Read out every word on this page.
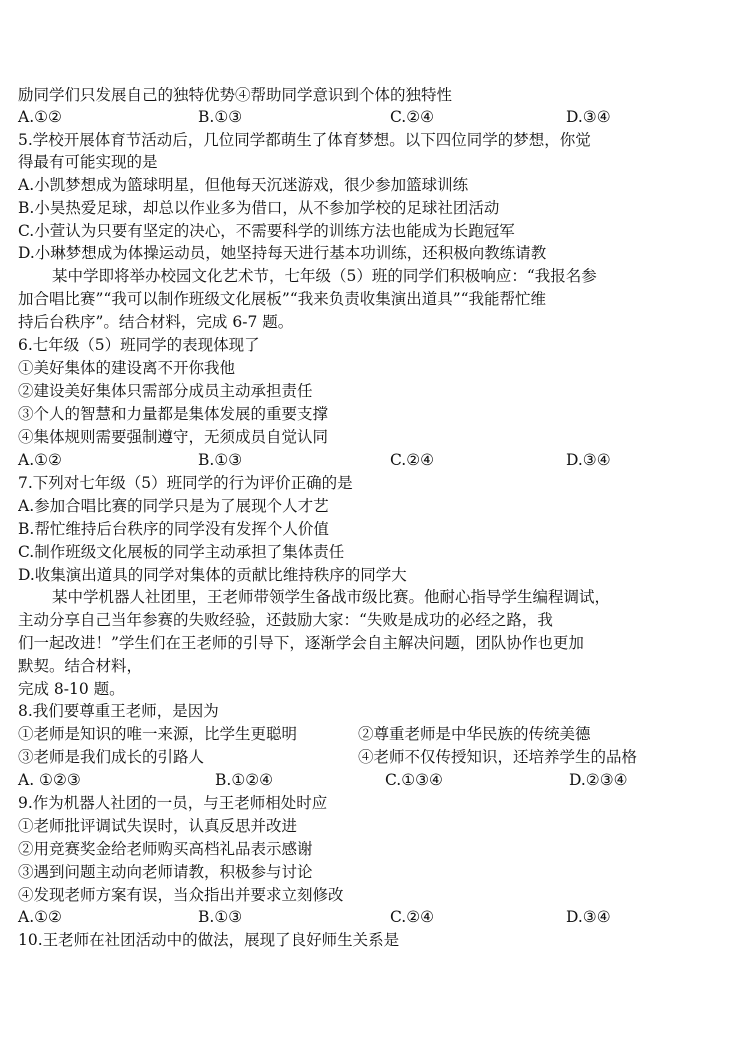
励同学们只发展自己的独特优势④帮助同学意识到个体的独特性
A.①②	B.①③	C.②④	D.③④
5.学校开展体育节活动后，几位同学都萌生了体育梦想。以下四位同学的梦想，你觉
得最有可能实现的是
A.小凯梦想成为篮球明星，但他每天沉迷游戏，很少参加篮球训练
B.小昊热爱足球，却总以作业多为借口，从不参加学校的足球社团活动
C.小萱认为只要有坚定的决心，不需要科学的训练方法也能成为长跑冠军
D.小琳梦想成为体操运动员，她坚持每天进行基本功训练，还积极向教练请教
某中学即将举办校园文化艺术节，七年级（5）班的同学们积极响应：“我报名参
加合唱比赛”“我可以制作班级文化展板”“我来负责收集演出道具”“我能帮忙维
持后台秩序”。结合材料，完成 6-7 题。
6.七年级（5）班同学的表现体现了
①美好集体的建设离不开你我他
②建设美好集体只需部分成员主动承担责任
③个人的智慧和力量都是集体发展的重要支撑
④集体规则需要强制遵守，无须成员自觉认同
A.①②	B.①③	C.②④	D.③④
7.下列对七年级（5）班同学的行为评价正确的是
A.参加合唱比赛的同学只是为了展现个人才艺
B.帮忙维持后台秩序的同学没有发挥个人价值
C.制作班级文化展板的同学主动承担了集体责任
D.收集演出道具的同学对集体的贡献比维持秩序的同学大
某中学机器人社团里，王老师带领学生备战市级比赛。他耐心指导学生编程调试，
主动分享自己当年参赛的失败经验，还鼓励大家：“失败是成功的必经之路，我
们一起改进！”学生们在王老师的引导下，逐渐学会自主解决问题，团队协作也更加
默契。结合材料，
完成 8-10 题。
8.我们要尊重王老师，是因为
①老师是知识的唯一来源，比学生更聪明	②尊重老师是中华民族的传统美德
③老师是我们成长的引路人	④老师不仅传授知识，还培养学生的品格
A. ①②③	B.①②④	C.①③④	D.②③④
9.作为机器人社团的一员，与王老师相处时应
①老师批评调试失误时，认真反思并改进
②用竞赛奖金给老师购买高档礼品表示感谢
③遇到问题主动向老师请教，积极参与讨论
④发现老师方案有误，当众指出并要求立刻修改
A.①②	B.①③	C.②④	D.③④
10.王老师在社团活动中的做法，展现了良好师生关系是
